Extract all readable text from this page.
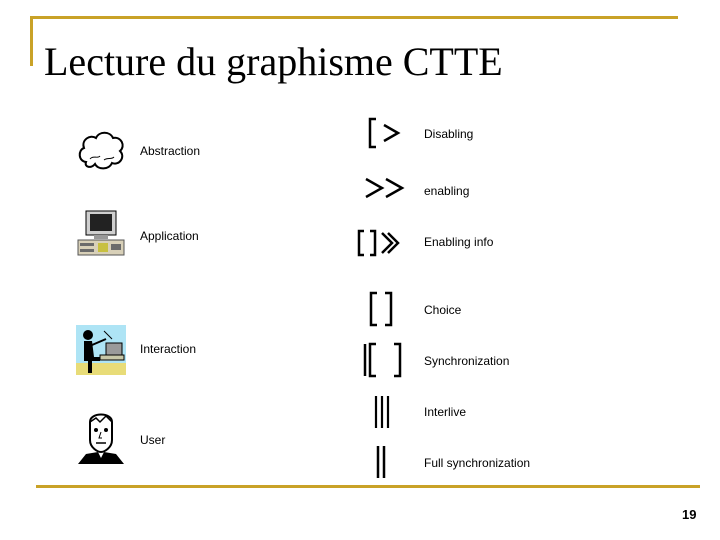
Lecture du graphisme CTTE
Abstraction
Application
Interaction
User
Disabling
enabling
Enabling info
Choice
Synchronization
Interlive
Full synchronization
19
